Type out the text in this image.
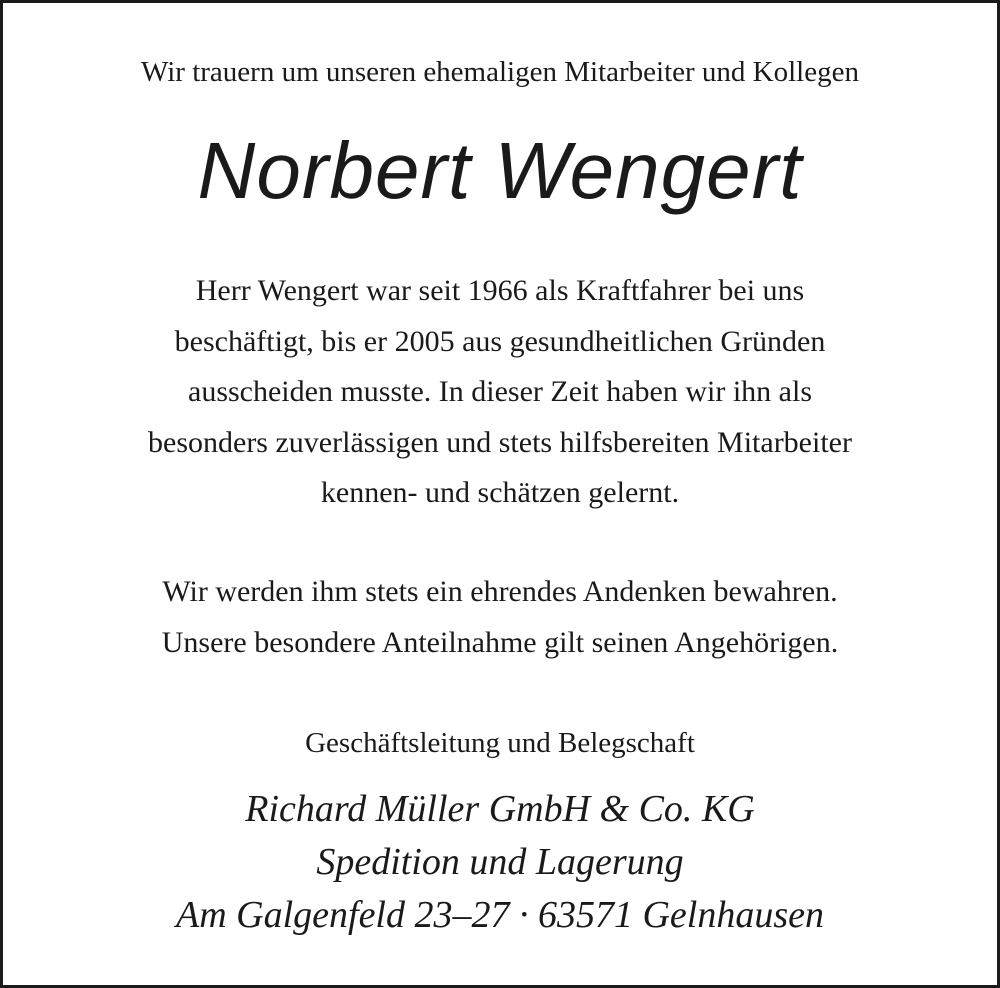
Wir trauern um unseren ehemaligen Mitarbeiter und Kollegen
Norbert Wengert
Herr Wengert war seit 1966 als Kraftfahrer bei uns
beschäftigt, bis er 2005 aus gesundheitlichen Gründen
ausscheiden musste. In dieser Zeit haben wir ihn als
besonders zuverlässigen und stets hilfsbereiten Mitarbeiter
kennen- und schätzen gelernt.
Wir werden ihm stets ein ehrendes Andenken bewahren.
Unsere besondere Anteilnahme gilt seinen Angehörigen.
Geschäftsleitung und Belegschaft
Richard Müller GmbH & Co. KG
Spedition und Lagerung
Am Galgenfeld 23–27 · 63571 Gelnhausen
